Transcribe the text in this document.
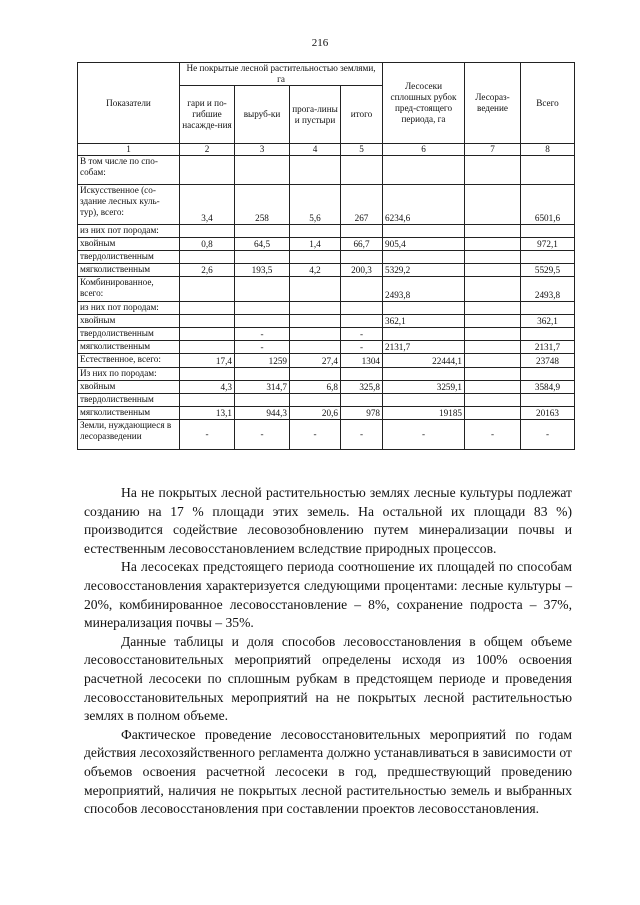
216
Показатели	Не покрытые лесной растительностью землями, га				Лесосеки сплошных рубок пред-стоящего периода, га	Лесораз-ведение	Всего
	гари и по-гибшие насажде-ния	выруб-ки	прога-лины и пустыри	итого			
1	2	3	4	5	6	7	8
В том числе по спо-собам:							
Искусственное (со-здание лесных куль-тур), всего:	3,4	258	5,6	267	6234,6		6501,6
из них пот породам:							
хвойным	0,8	64,5	1,4	66,7	905,4		972,1
твердолиственным							
мягколиственным	2,6	193,5	4,2	200,3	5329,2		5529,5
Комбинированное, всего:					2493,8		2493,8
из них пот породам:							
хвойным					362,1		362,1
твердолиственным		-		-			
мягколиственным		-		-	2131,7		2131,7
Естественное, всего:	17,4	1259	27,4	1304	22444,1		23748
Из них по породам:							
хвойным	4,3	314,7	6,8	325,8	3259,1		3584,9
твердолиственным							
мягколиственным	13,1	944,3	20,6	978	19185		20163
Земли, нуждающиеся в лесоразведении	-	-	-	-	-	-	-

На не покрытых лесной растительностью землях лесные культуры подлежат созданию на 17 % площади этих земель. На остальной их площади 83 %) производится содействие лесовозобновлению путем минерализации почвы и естественным лесовосстановлением вследствие природных процессов.

На лесосеках предстоящего периода соотношение их площадей по способам лесовосстановления характеризуется следующими процентами: лесные культуры – 20%, комбинированное лесовосстановление – 8%, сохранение подроста – 37%, минерализация почвы – 35%.

Данные таблицы и доля способов лесовосстановления в общем объеме лесовосстановительных мероприятий определены исходя из 100% освоения расчетной лесосеки по сплошным рубкам в предстоящем периоде и проведения лесовосстановительных мероприятий на не покрытых лесной растительностью землях в полном объеме.

Фактическое проведение лесовосстановительных мероприятий по годам действия лесохозяйственного регламента должно устанавливаться в зависимости от объемов освоения расчетной лесосеки в год, предшествующий проведению мероприятий, наличия не покрытых лесной растительностью земель и выбранных способов лесовосстановления при составлении проектов лесовосстановления.
